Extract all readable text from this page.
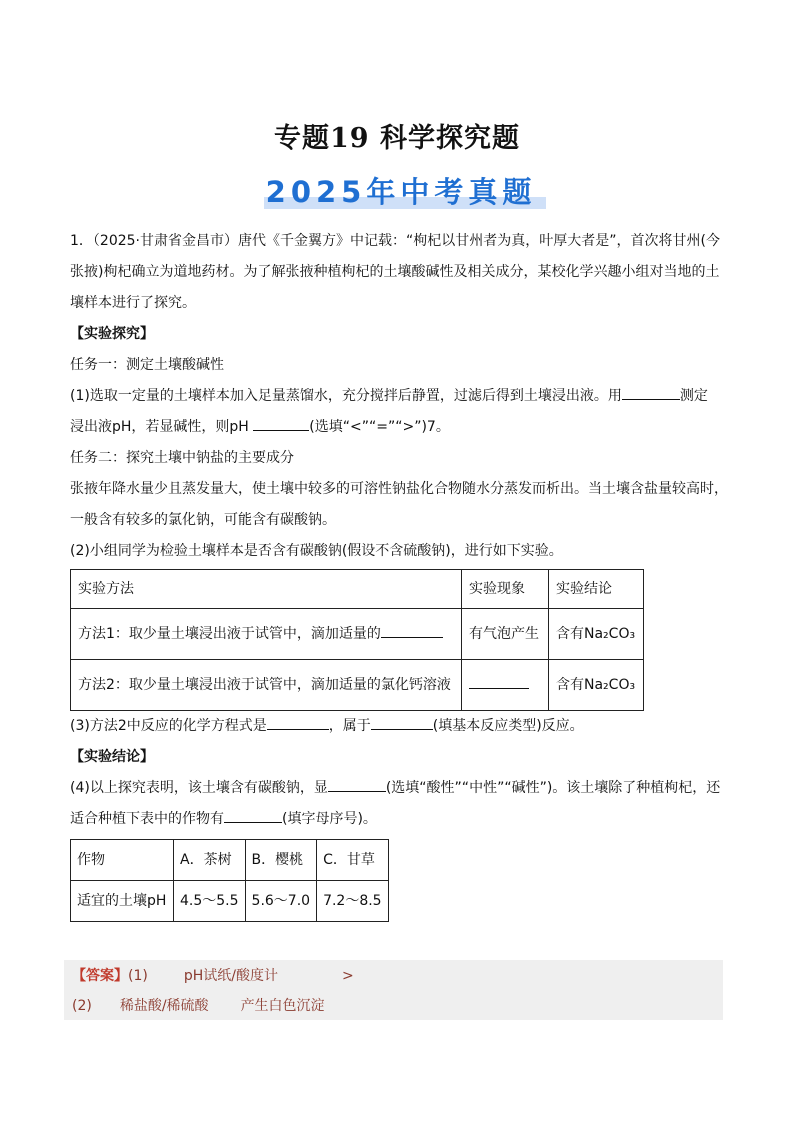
专题19 科学探究题
2025年中考真题

1．（2025·甘肃省金昌市）唐代《千金翼方》中记载：“枸杞以甘州者为真，叶厚大者是”，首次将甘州(今张掖)枸杞确立为道地药材。为了解张掖种植枸杞的土壤酸碱性及相关成分，某校化学兴趣小组对当地的土壤样本进行了探究。

【实验探究】
任务一：测定土壤酸碱性
(1)选取一定量的土壤样本加入足量蒸馏水，充分搅拌后静置，过滤后得到土壤浸出液。用	测定
浸出液pH，若显碱性，则pH	(选填“<”“=”“>”)7。
任务二：探究土壤中钠盐的主要成分

张掖年降水量少且蒸发量大，使土壤中较多的可溶性钠盐化合物随水分蒸发而析出。当土壤含盐量较高时，一般含有较多的氯化钠，可能含有碳酸钠。

(2)小组同学为检验土壤样本是否含有碳酸钠(假设不含硫酸钠)，进行如下实验。
实验方法	实验现象	实验结论
方法1：取少量土壤浸出液于试管中，滴加适量的	有气泡产生	含有Na₂CO₃
方法2：取少量土壤浸出液于试管中，滴加适量的氯化钙溶液		含有Na₂CO₃
(3)方法2中反应的化学方程式是	，属于	(填基本反应类型)反应。
【实验结论】
(4)以上探究表明，该土壤含有碳酸钠，显	(选填“酸性”“中性”“碱性”)。该土壤除了种植枸杞，还
适合种植下表中的作物有	(填字母序号)。
作物	A．茶树	B．樱桃	C．甘草
适宜的土壤pH	4.5～5.5	5.6～7.0	7.2～8.5
【答案】(1)	pH试纸/酸度计	>
(2) 稀盐酸/稀硫酸 产生白色沉淀
